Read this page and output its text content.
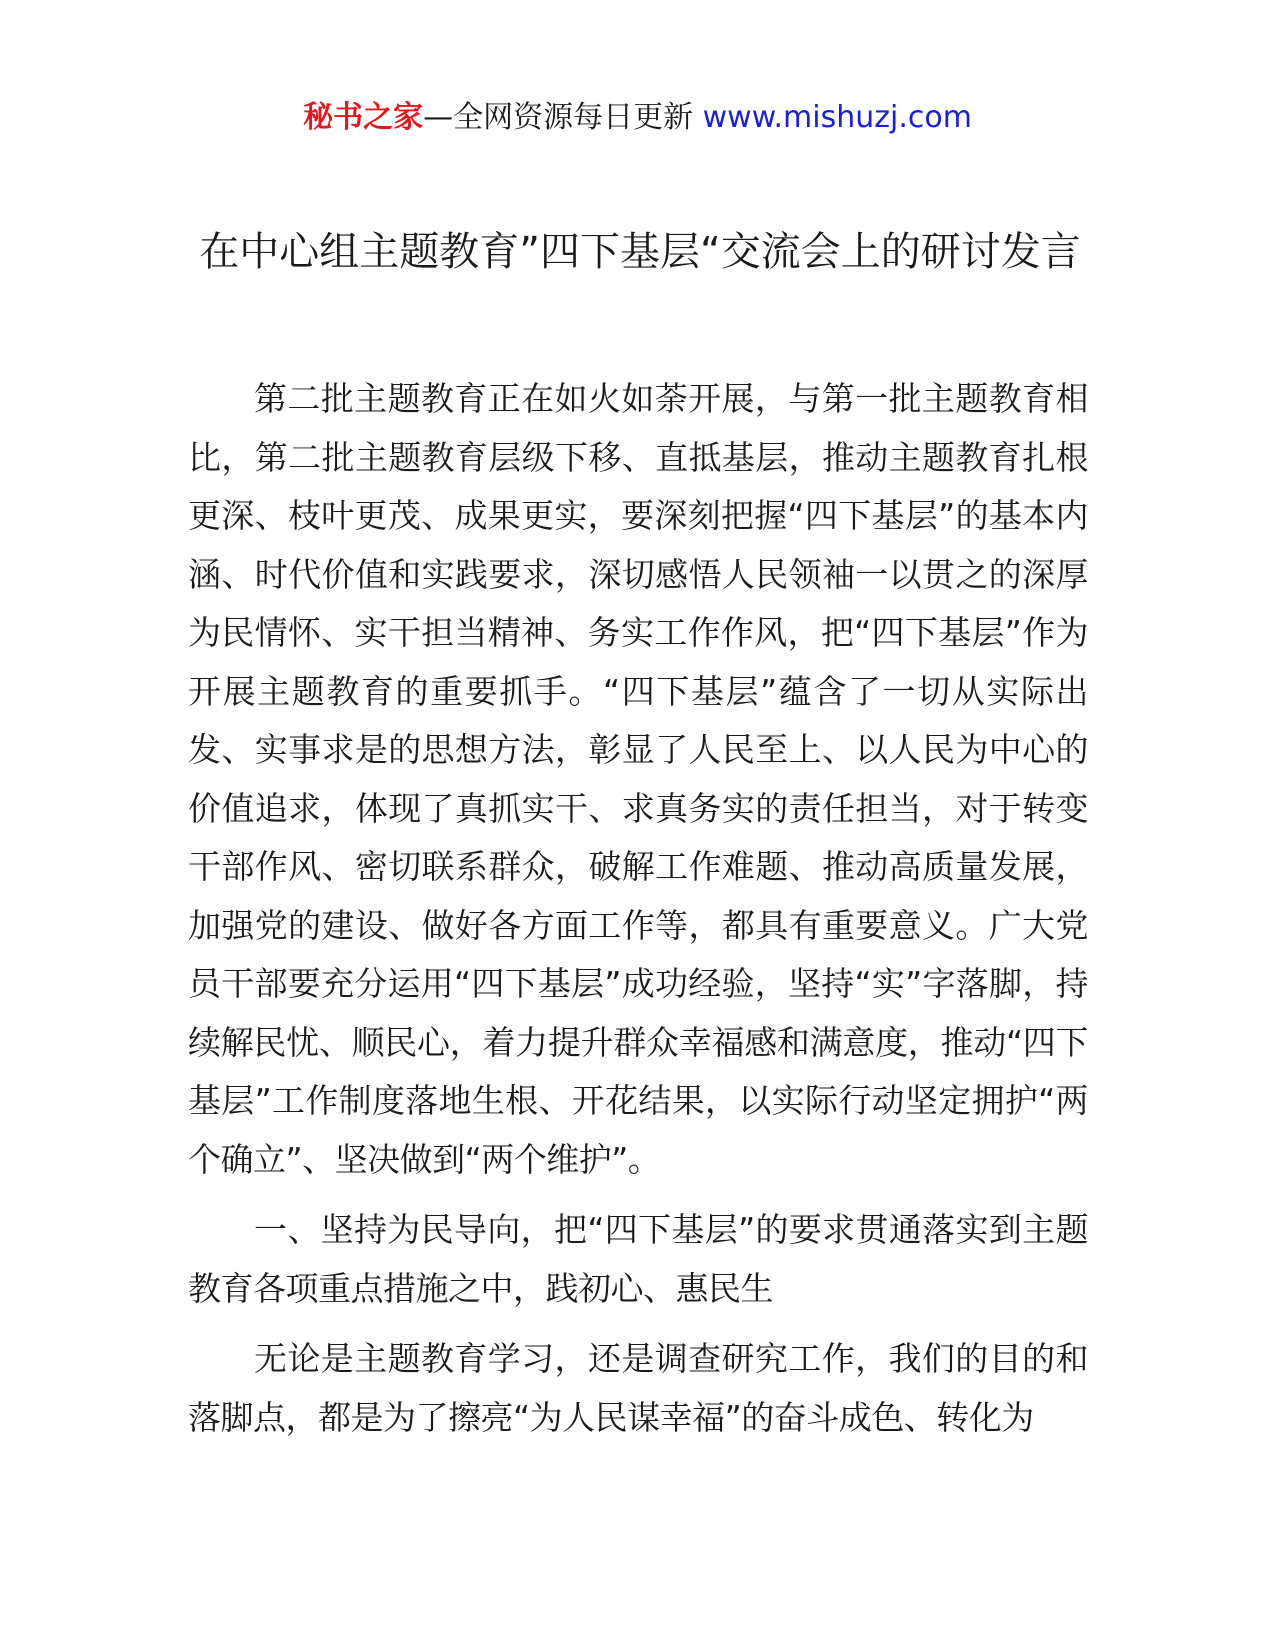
秘书之家—全网资源每日更新 www.mishuzj.com
在中心组主题教育”四下基层“交流会上的研讨发言

第二批主题教育正在如火如荼开展，与第一批主题教育相比，第二批主题教育层级下移、直抵基层，推动主题教育扎根更深、枝叶更茂、成果更实，要深刻把握“四下基层”的基本内涵、时代价值和实践要求，深切感悟人民领袖一以贯之的深厚为民情怀、实干担当精神、务实工作作风，把“四下基层”作为开展主题教育的重要抓手。“四下基层”蕴含了一切从实际出发、实事求是的思想方法，彰显了人民至上、以人民为中心的价值追求，体现了真抓实干、求真务实的责任担当，对于转变干部作风、密切联系群众，破解工作难题、推动高质量发展，加强党的建设、做好各方面工作等，都具有重要意义。广大党员干部要充分运用“四下基层”成功经验，坚持“实”字落脚，持续解民忧、顺民心，着力提升群众幸福感和满意度，推动“四下基层”工作制度落地生根、开花结果，以实际行动坚定拥护“两个确立”、坚决做到“两个维护”。

一、坚持为民导向，把“四下基层”的要求贯通落实到主题教育各项重点措施之中，践初心、惠民生

无论是主题教育学习，还是调查研究工作，我们的目的和落脚点，都是为了擦亮“为人民谋幸福”的奋斗成色、转化为
